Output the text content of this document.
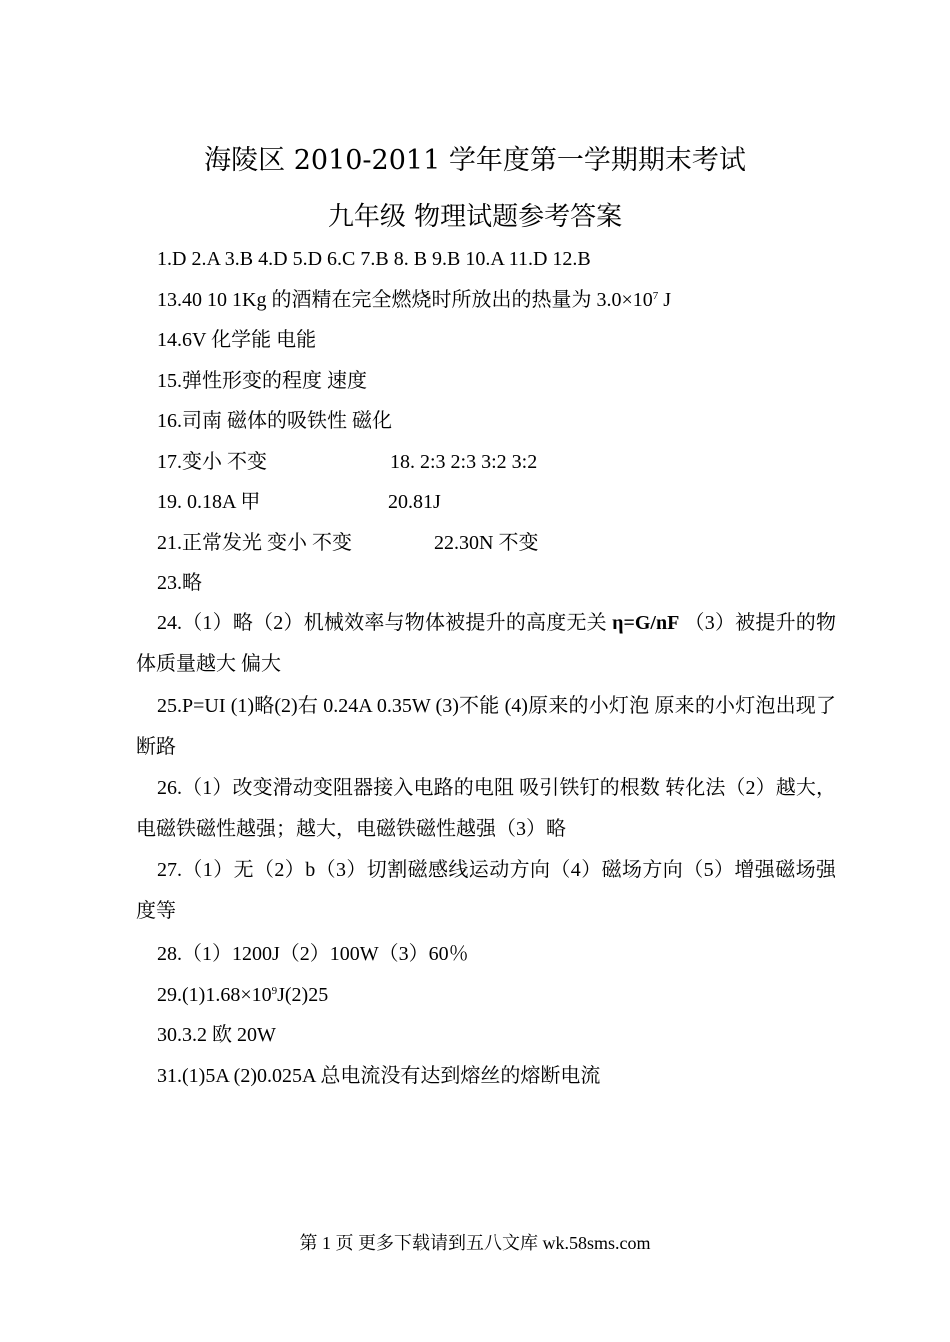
海陵区 2010-2011 学年度第一学期期末考试
九年级 物理试题参考答案
1.D 2.A 3.B 4.D 5.D 6.C 7.B 8. B 9.B 10.A 11.D 12.B
13.40 10 1Kg 的酒精在完全燃烧时所放出的热量为 $3.0\times 10^7$ J
14.6V 化学能 电能
15.弹性形变的程度 速度
16.司南 磁体的吸铁性 磁化
17.变小 不变	18. 2:3 2:3 3:2 3:2
19. 0.18A 甲	20.81J
21.正常发光 变小 不变	22.30N 不变
23.略
24.（1）略（2）机械效率与物体被提升的高度无关 η=G/nF （3）被提升的物体质量越大 偏大
25.P=UI (1)略(2)右 0.24A 0.35W (3)不能 (4)原来的小灯泡 原来的小灯泡出现了断路
26.（1）改变滑动变阻器接入电路的电阻 吸引铁钉的根数 转化法（2）越大，电磁铁磁性越强；越大，电磁铁磁性越强（3）略
27.（1）无（2）b（3）切割磁感线运动方向（4）磁场方向（5）增强磁场强度等
28.（1）1200J（2）100W（3）60％
$29.(1)1.68\times 10^9J(2)25$
30.3.2 欧 20W
31.(1)5A (2)0.025A 总电流没有达到熔丝的熔断电流
第 1 页 更多下载请到五八文库 wk.58sms.com
